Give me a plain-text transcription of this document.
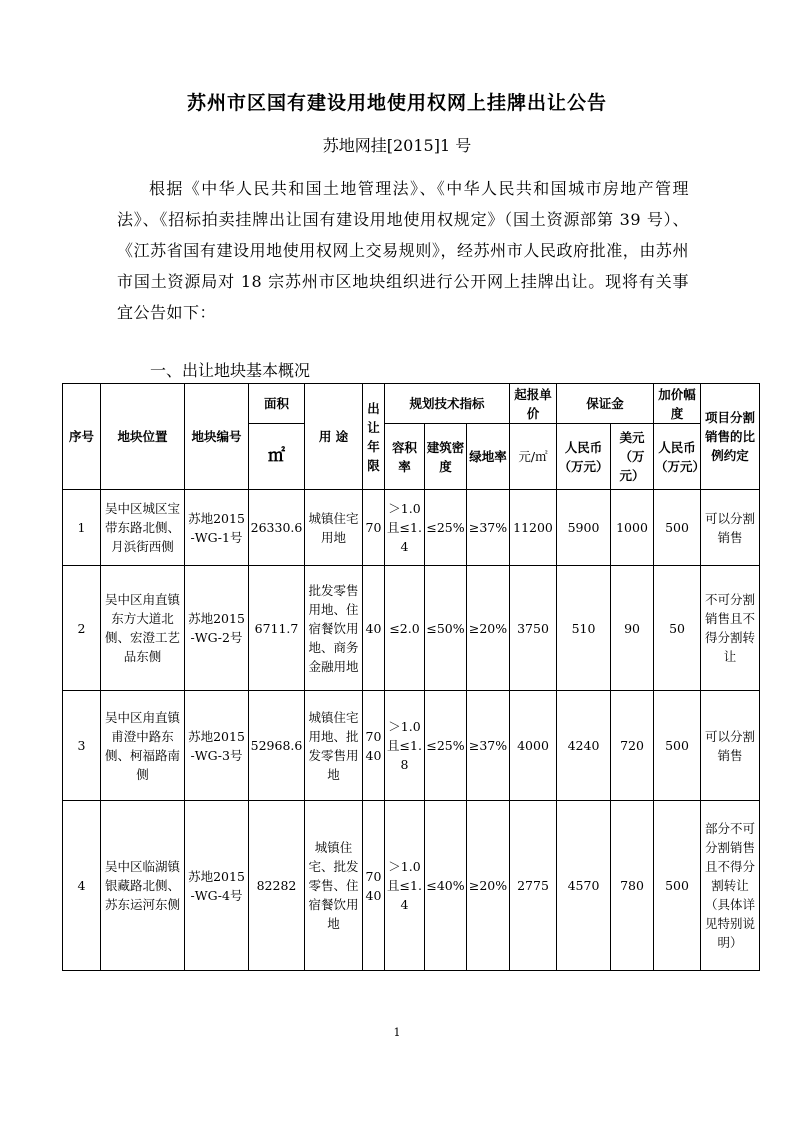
苏州市区国有建设用地使用权网上挂牌出让公告
苏地网挂[2015]1 号
根据《中华人民共和国土地管理法》、《中华人民共和国城市房地产管理法》、《招标拍卖挂牌出让国有建设用地使用权规定》（国土资源部第 39 号）、《江苏省国有建设用地使用权网上交易规则》，经苏州市人民政府批准，由苏州市国土资源局对 18 宗苏州市区地块组织进行公开网上挂牌出让。现将有关事宜公告如下：
一、出让地块基本概况
序号	地块位置	地块编号	面积	用 途	出让年限	规划技术指标			起报单价	保证金		加价幅度	项目分割销售的比例约定
			㎡			容积率	建筑密度	绿地率	元/㎡	人民币（万元）	美元（万元）	人民币（万元）	
1	吴中区城区宝带东路北侧、月浜街西侧	苏地2015-WG-1号	26330.6	城镇住宅用地	70	＞1.0且≤1.4	≤25%	≥37%	11200	5900	1000	500	可以分割销售
2	吴中区甪直镇东方大道北侧、宏澄工艺品东侧	苏地2015-WG-2号	6711.7	批发零售用地、住宿餐饮用地、商务金融用地	40	≤2.0	≤50%	≥20%	3750	510	90	50	不可分割销售且不得分割转让
3	吴中区甪直镇甫澄中路东侧、柯福路南侧	苏地2015-WG-3号	52968.6	城镇住宅用地、批发零售用地	70 40	＞1.0且≤1.8	≤25%	≥37%	4000	4240	720	500	可以分割销售
4	吴中区临湖镇银藏路北侧、苏东运河东侧	苏地2015-WG-4号	82282	城镇住宅、批发零售、住宿餐饮用地	70 40	＞1.0且≤1.4	≤40%	≥20%	2775	4570	780	500	部分不可分割销售且不得分割转让（具体详见特别说明）
1
